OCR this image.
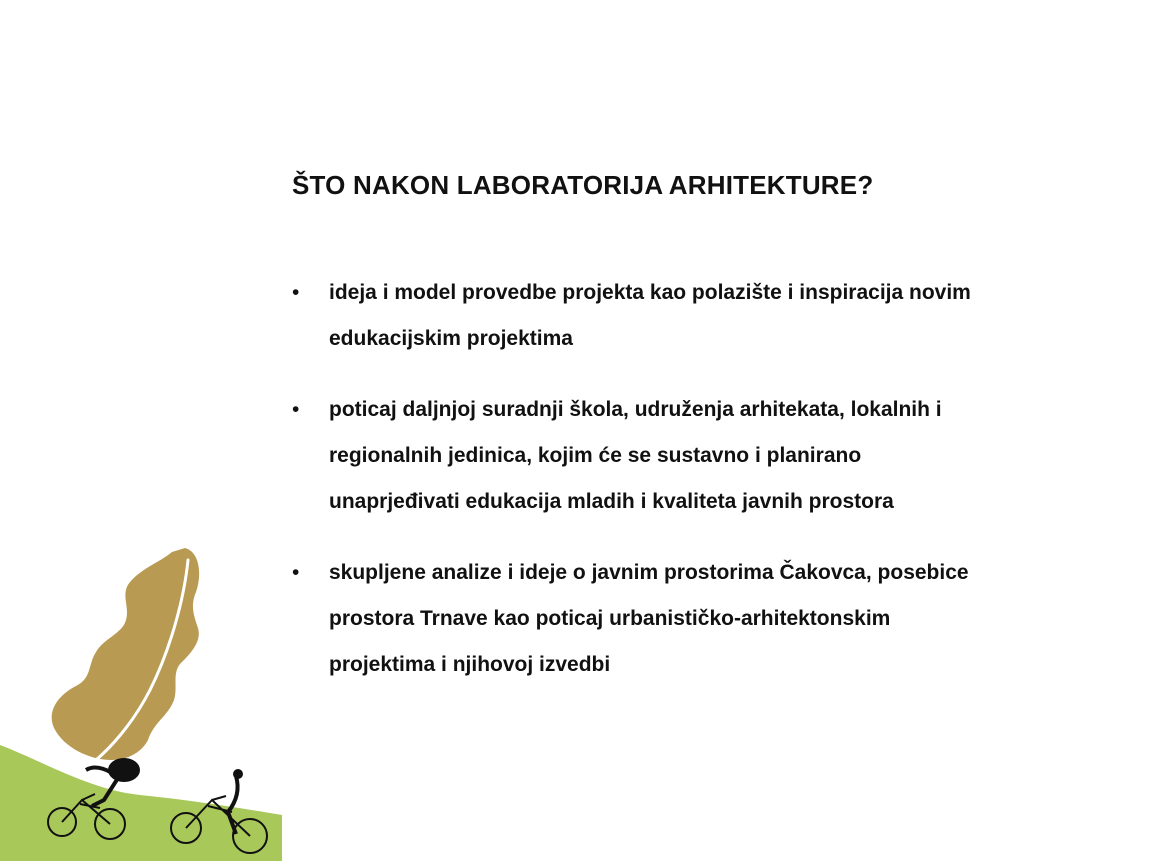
ŠTO NAKON LABORATORIJA ARHITEKTURE?
• ideja i model provedbe projekta kao polazište i inspiracija novim
edukacijskim projektima
• poticaj daljnjoj suradnji škola, udruženja arhitekata, lokalnih i
regionalnih jedinica, kojim će se sustavno i planirano
unaprjeđivati edukacija mladih i kvaliteta javnih prostora
• skupljene analize i ideje o javnim prostorima Čakovca, posebice
prostora Trnave kao poticaj urbanističko-arhitektonskim
projektima i njihovoj izvedbi
